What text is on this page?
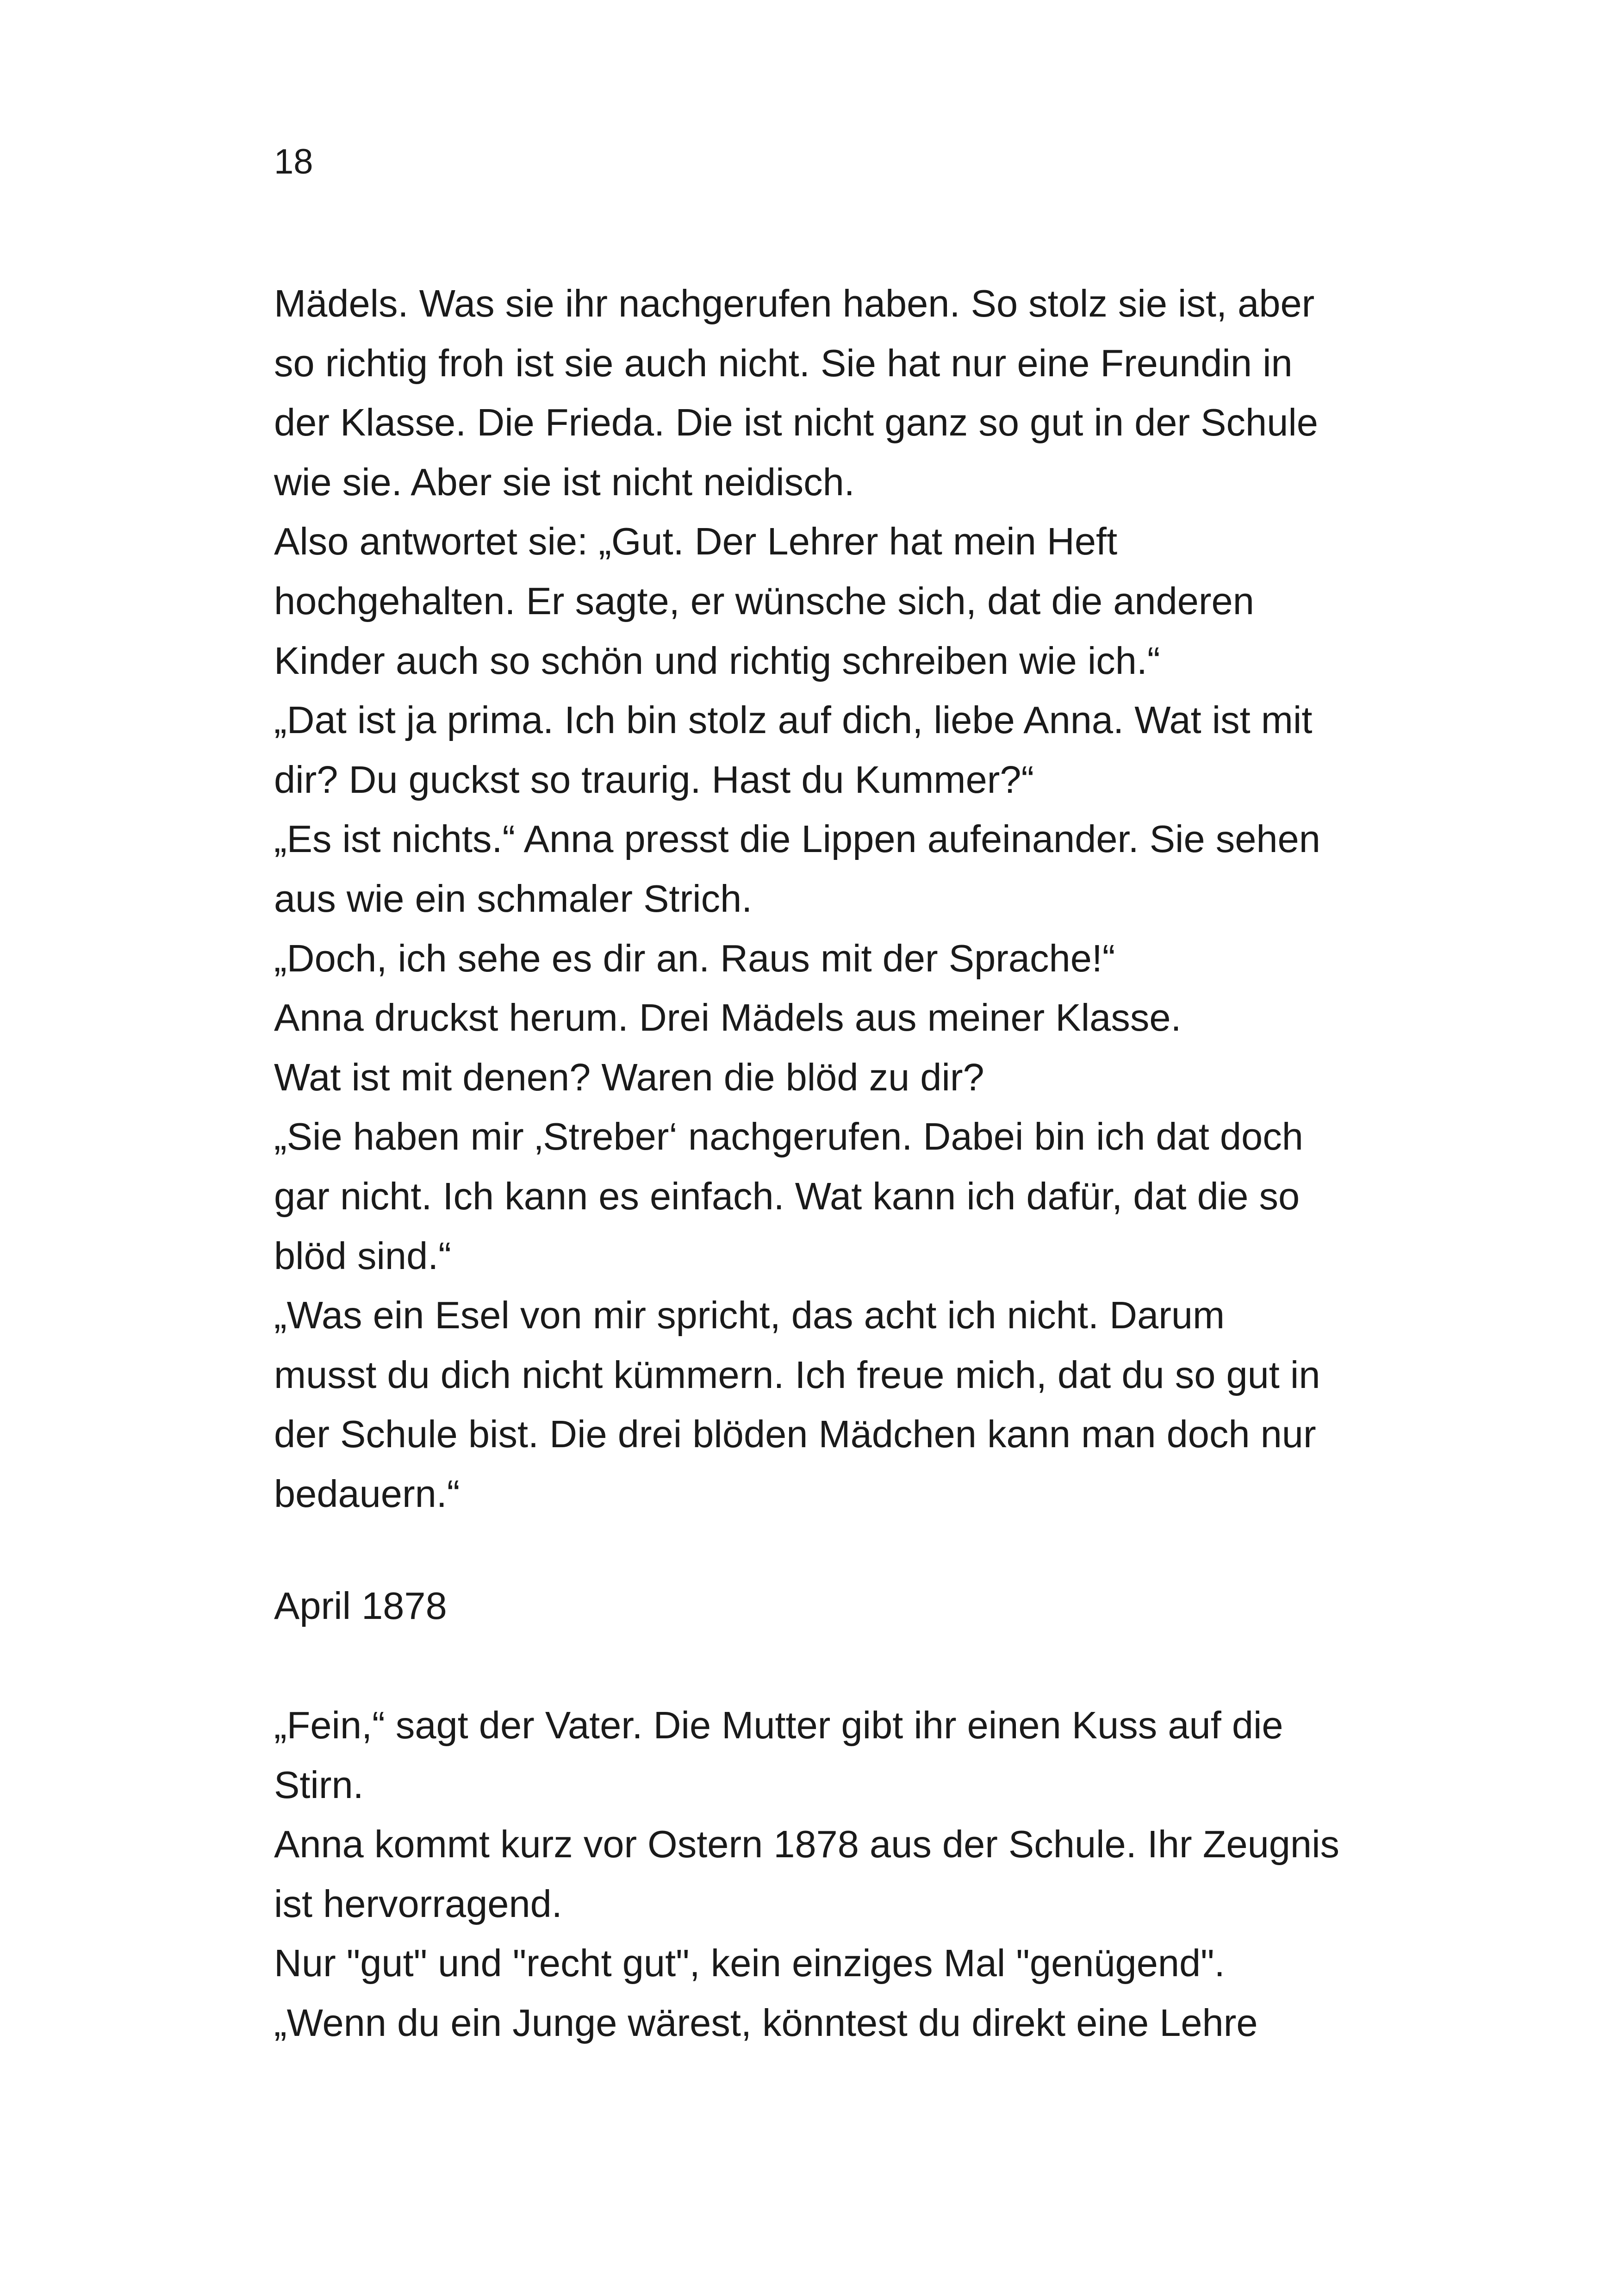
18

Mädels. Was sie ihr nachgerufen haben. So stolz sie ist, aber
so richtig froh ist sie auch nicht. Sie hat nur eine Freundin in
der Klasse. Die Frieda. Die ist nicht ganz so gut in der Schule
wie sie. Aber sie ist nicht neidisch.
Also antwortet sie: „Gut. Der Lehrer hat mein Heft
hochgehalten. Er sagte, er wünsche sich, dat die anderen
Kinder auch so schön und richtig schreiben wie ich.“
„Dat ist ja prima. Ich bin stolz auf dich, liebe Anna. Wat ist mit
dir? Du guckst so traurig. Hast du Kummer?“
„Es ist nichts.“ Anna presst die Lippen aufeinander. Sie sehen
aus wie ein schmaler Strich.
„Doch, ich sehe es dir an. Raus mit der Sprache!“
Anna druckst herum. Drei Mädels aus meiner Klasse.
Wat ist mit denen? Waren die blöd zu dir?
„Sie haben mir ‚Streber‘ nachgerufen. Dabei bin ich dat doch
gar nicht. Ich kann es einfach. Wat kann ich dafür, dat die so
blöd sind.“
„Was ein Esel von mir spricht, das acht ich nicht. Darum
musst du dich nicht kümmern. Ich freue mich, dat du so gut in
der Schule bist. Die drei blöden Mädchen kann man doch nur
bedauern.“
April 1878
„Fein,“ sagt der Vater. Die Mutter gibt ihr einen Kuss auf die
Stirn.
Anna kommt kurz vor Ostern 1878 aus der Schule. Ihr Zeugnis
ist hervorragend.
Nur "gut" und "recht gut", kein einziges Mal "genügend".
„Wenn du ein Junge wärest, könntest du direkt eine Lehre
